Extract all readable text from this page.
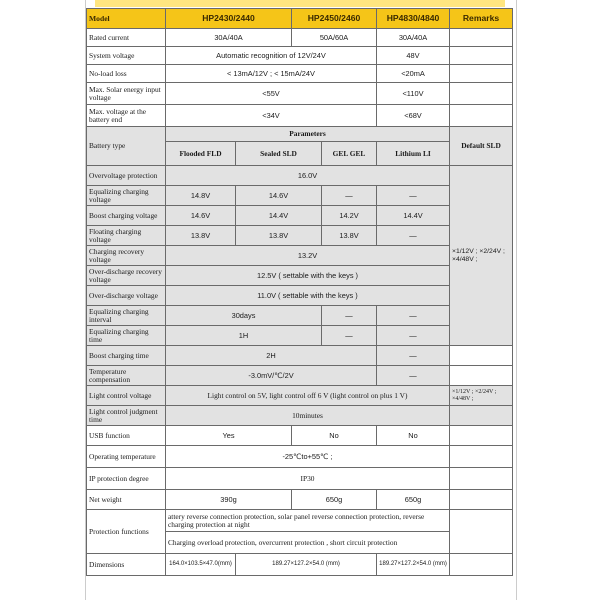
Model	HP2430/2440		HP2450/2460		HP4830/4840	Remarks
Rated current	30A/40A		50A/60A		30A/40A	
System voltage	Automatic recognition of 12V/24V				48V	
No-load loss	< 13mA/12V ; < 15mA/24V				<20mA	
Max. Solar energy input voltage	<55V				<110V	
Max. voltage at the battery end	<34V				<68V	
Battery type	Parameters					Default SLD
	Flooded FLD	Sealed SLD		GEL GEL	Lithium LI	
Overvoltage protection	16.0V					×1/12V ; ×2/24V ; ×4/48V ;
Equalizing charging voltage	14.8V	14.6V		—	—	
Boost charging voltage	14.6V	14.4V		14.2V	14.4V	
Floating charging voltage	13.8V	13.8V		13.8V	—	
Charging recovery voltage	13.2V					
Over-discharge recovery voltage	12.5V ( settable with the keys )					
Over-discharge voltage	11.0V ( settable with the keys )					
Equalizing charging interval	30days			—	—	
Equalizing charging time	1H			—	—	
Boost charging time	2H				—	
Temperature compensation	-3.0mV/℃/2V				—	
Light control voltage	Light control on 5V, light control off 6 V (light control on plus 1 V)					×1/12V ; ×2/24V ; ×4/48V ;
Light control judgment time	10minutes					
USB function	Yes		No		No	
Operating temperature	-25℃to+55℃ ;					
IP protection degree	IP30					
Net weight	390g		650g		650g	
Protection functions	attery reverse connection protection, solar panel reverse connection protection, reverse charging protection at night					
	Charging overload protection, overcurrent protection , short circuit protection					
Dimensions	164.0×103.5×47.0(mm)	189.27×127.2×54.0 (mm)			189.27×127.2×54.0 (mm)	
